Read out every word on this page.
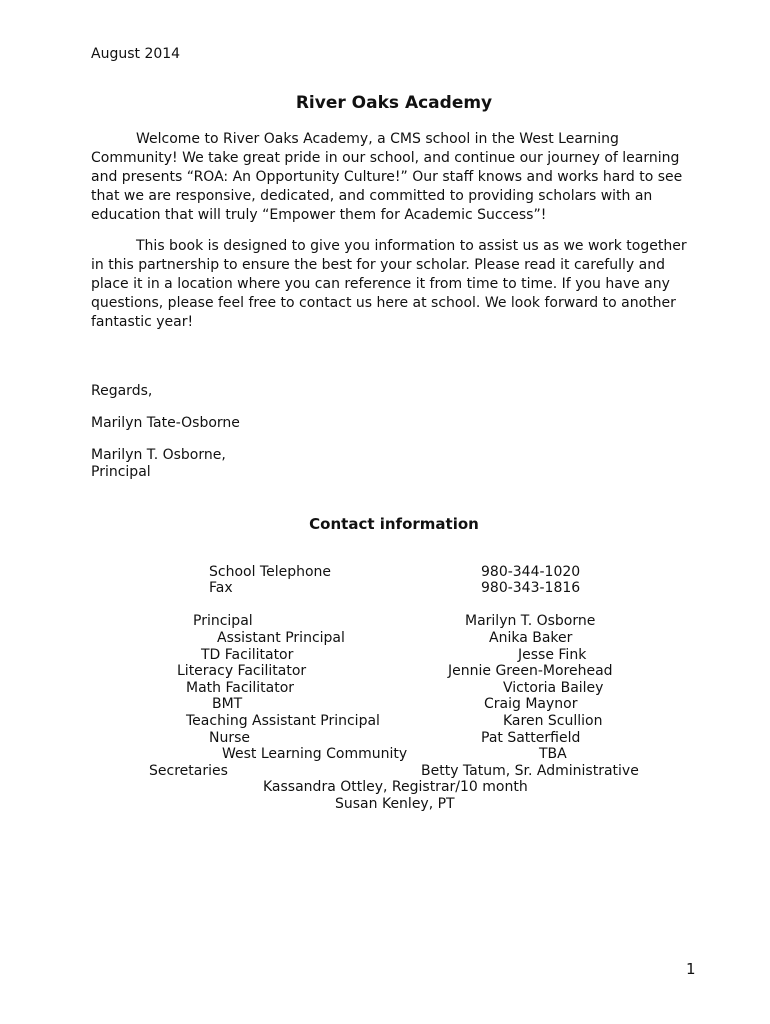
August 2014
River Oaks Academy
Welcome to River Oaks Academy, a CMS school in the West Learning
Community! We take great pride in our school, and continue our journey of learning
and presents “ROA: An Opportunity Culture!” Our staff knows and works hard to see
that we are responsive, dedicated, and committed to providing scholars with an
education that will truly “Empower them for Academic Success”!
This book is designed to give you information to assist us as we work together
in this partnership to ensure the best for your scholar. Please read it carefully and
place it in a location where you can reference it from time to time. If you have any
questions, please feel free to contact us here at school. We look forward to another
fantastic year!
Regards,
Marilyn Tate-Osborne
Marilyn T. Osborne,
Principal
Contact information
School Telephone	980-344-1020
Fax	980-343-1816
Principal	Marilyn T. Osborne
Assistant Principal	Anika Baker
TD Facilitator	Jesse Fink
Literacy Facilitator	Jennie Green-Morehead
Math Facilitator	Victoria Bailey
BMT	Craig Maynor
Teaching Assistant Principal	Karen Scullion
Nurse	Pat Satterfield
West Learning Community	TBA
Secretaries	Betty Tatum, Sr. Administrative
Kassandra Ottley, Registrar/10 month
Susan Kenley, PT
1
